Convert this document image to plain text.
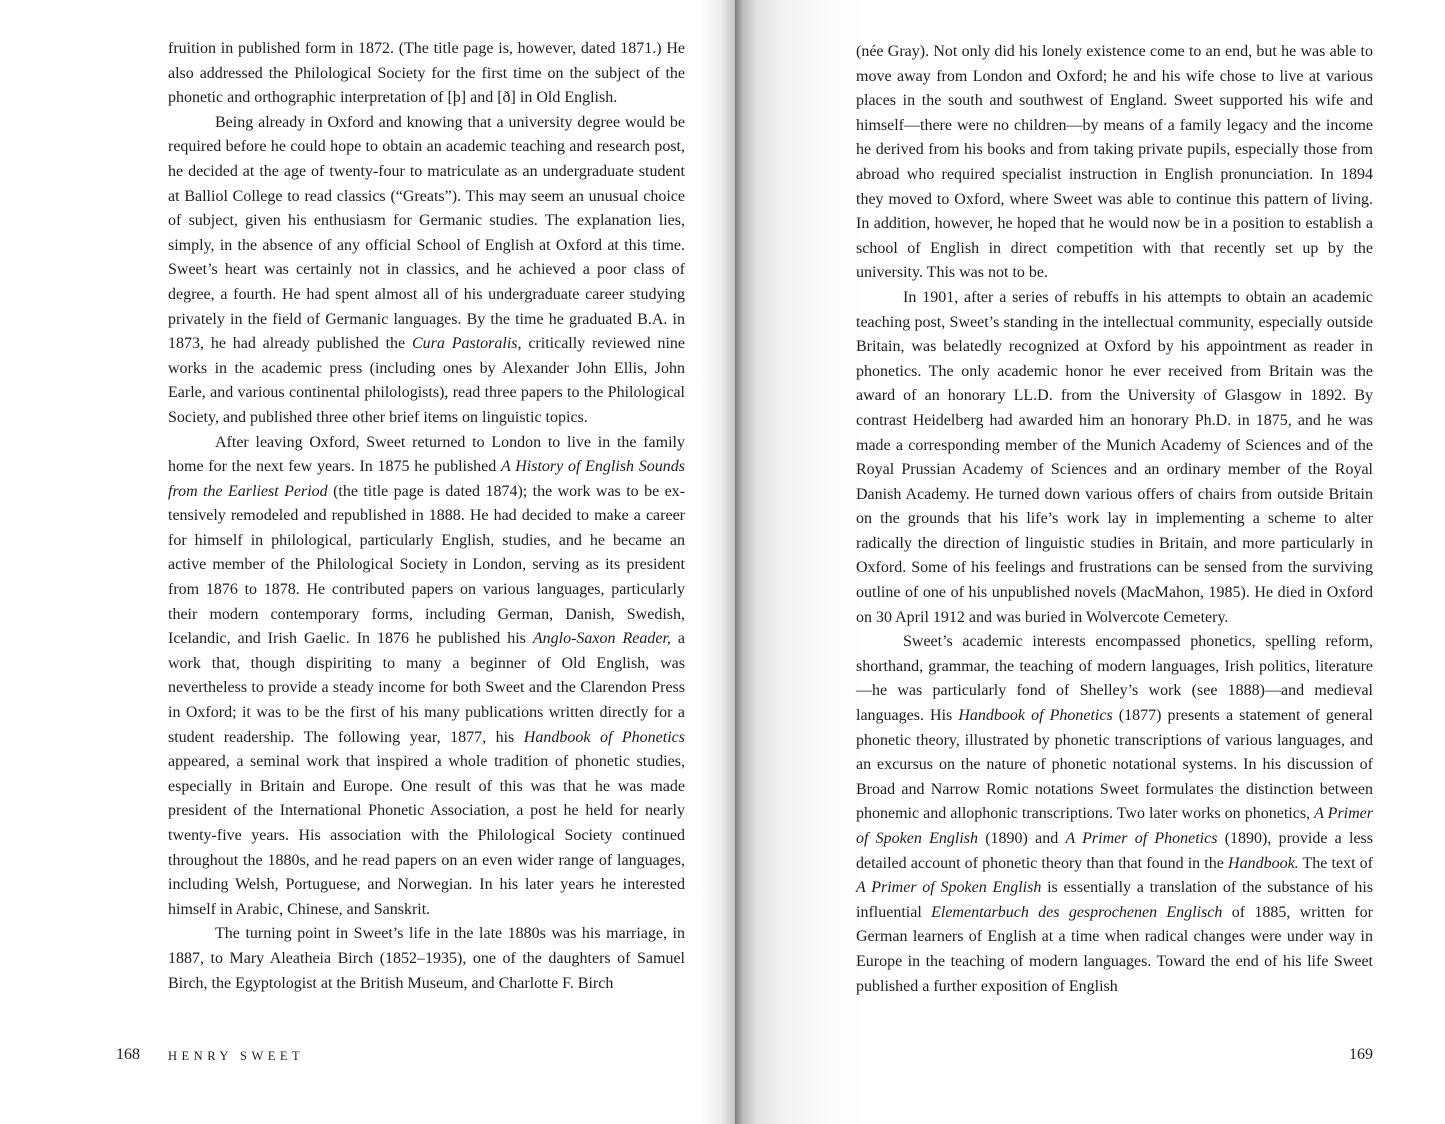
fruition in published form in 1872. (The title page is, however, dated 1871.) He also addressed the Philological Society for the first time on the subject of the phonetic and orthographic interpretation of [þ] and [ð] in Old English.

Being already in Oxford and knowing that a university degree would be required before he could hope to obtain an academic teaching and research post, he decided at the age of twenty-four to matriculate as an undergraduate student at Balliol College to read classics (“Greats”). This may seem an unusual choice of subject, given his enthusiasm for Germanic studies. The explanation lies, simply, in the absence of any official School of English at Oxford at this time. Sweet’s heart was certainly not in classics, and he achieved a poor class of degree, a fourth. He had spent almost all of his undergraduate career studying privately in the field of Germanic languages. By the time he graduated B.A. in 1873, he had already published the Cura Pastoralis, critically reviewed nine works in the academic press (including ones by Alexander John Ellis, John Earle, and various continental philologists), read three papers to the Philological Society, and published three other brief items on linguistic topics.

After leaving Oxford, Sweet returned to London to live in the family home for the next few years. In 1875 he published A History of English Sounds from the Earliest Period (the title page is dated 1874); the work was to be extensively remodeled and republished in 1888. He had decided to make a career for himself in philological, particularly English, studies, and he became an active member of the Philological Society in London, serving as its president from 1876 to 1878. He contributed papers on various languages, particularly their modern contemporary forms, including German, Danish, Swedish, Icelandic, and Irish Gaelic. In 1876 he published his Anglo-Saxon Reader, a work that, though dispiriting to many a beginner of Old English, was nevertheless to provide a steady income for both Sweet and the Clarendon Press in Oxford; it was to be the first of his many publications written directly for a student readership. The following year, 1877, his Handbook of Phonetics appeared, a seminal work that inspired a whole tradition of phonetic studies, especially in Britain and Europe. One result of this was that he was made president of the International Phonetic Association, a post he held for nearly twenty-five years. His association with the Philological Society continued throughout the 1880s, and he read papers on an even wider range of languages, including Welsh, Portuguese, and Norwegian. In his later years he interested himself in Arabic, Chinese, and Sanskrit.

The turning point in Sweet’s life in the late 1880s was his marriage, in 1887, to Mary Aleatheia Birch (1852–1935), one of the daughters of Samuel Birch, the Egyptologist at the British Museum, and Charlotte F. Birch

168 HENRY SWEET

(née Gray). Not only did his lonely existence come to an end, but he was able to move away from London and Oxford; he and his wife chose to live at various places in the south and southwest of England. Sweet supported his wife and himself—there were no children—by means of a family legacy and the income he derived from his books and from taking private pupils, especially those from abroad who required specialist instruction in English pronunciation. In 1894 they moved to Oxford, where Sweet was able to continue this pattern of living. In addition, however, he hoped that he would now be in a position to establish a school of English in direct competition with that recently set up by the university. This was not to be.

In 1901, after a series of rebuffs in his attempts to obtain an academic teaching post, Sweet’s standing in the intellectual community, especially outside Britain, was belatedly recognized at Oxford by his appointment as reader in phonetics. The only academic honor he ever received from Britain was the award of an honorary LL.D. from the University of Glasgow in 1892. By contrast Heidelberg had awarded him an honorary Ph.D. in 1875, and he was made a corresponding member of the Munich Academy of Sciences and of the Royal Prussian Academy of Sciences and an ordinary member of the Royal Danish Academy. He turned down various offers of chairs from outside Britain on the grounds that his life’s work lay in implementing a scheme to alter radically the direction of linguistic studies in Britain, and more particularly in Oxford. Some of his feelings and frustrations can be sensed from the surviving outline of one of his unpublished novels (MacMahon, 1985). He died in Oxford on 30 April 1912 and was buried in Wolvercote Cemetery.

Sweet’s academic interests encompassed phonetics, spelling reform, shorthand, grammar, the teaching of modern languages, Irish politics, literature—he was particularly fond of Shelley’s work (see 1888)—and medieval languages. His Handbook of Phonetics (1877) presents a statement of general phonetic theory, illustrated by phonetic transcriptions of various languages, and an excursus on the nature of phonetic notational systems. In his discussion of Broad and Narrow Romic notations Sweet formulates the distinction between phonemic and allophonic transcriptions. Two later works on phonetics, A Primer of Spoken English (1890) and A Primer of Phonetics (1890), provide a less detailed account of phonetic theory than that found in the Handbook. The text of A Primer of Spoken English is essentially a translation of the substance of his influential Elementarbuch des gesprochenen Englisch of 1885, written for German learners of English at a time when radical changes were under way in Europe in the teaching of modern languages. Toward the end of his life Sweet published a further exposition of English

169
